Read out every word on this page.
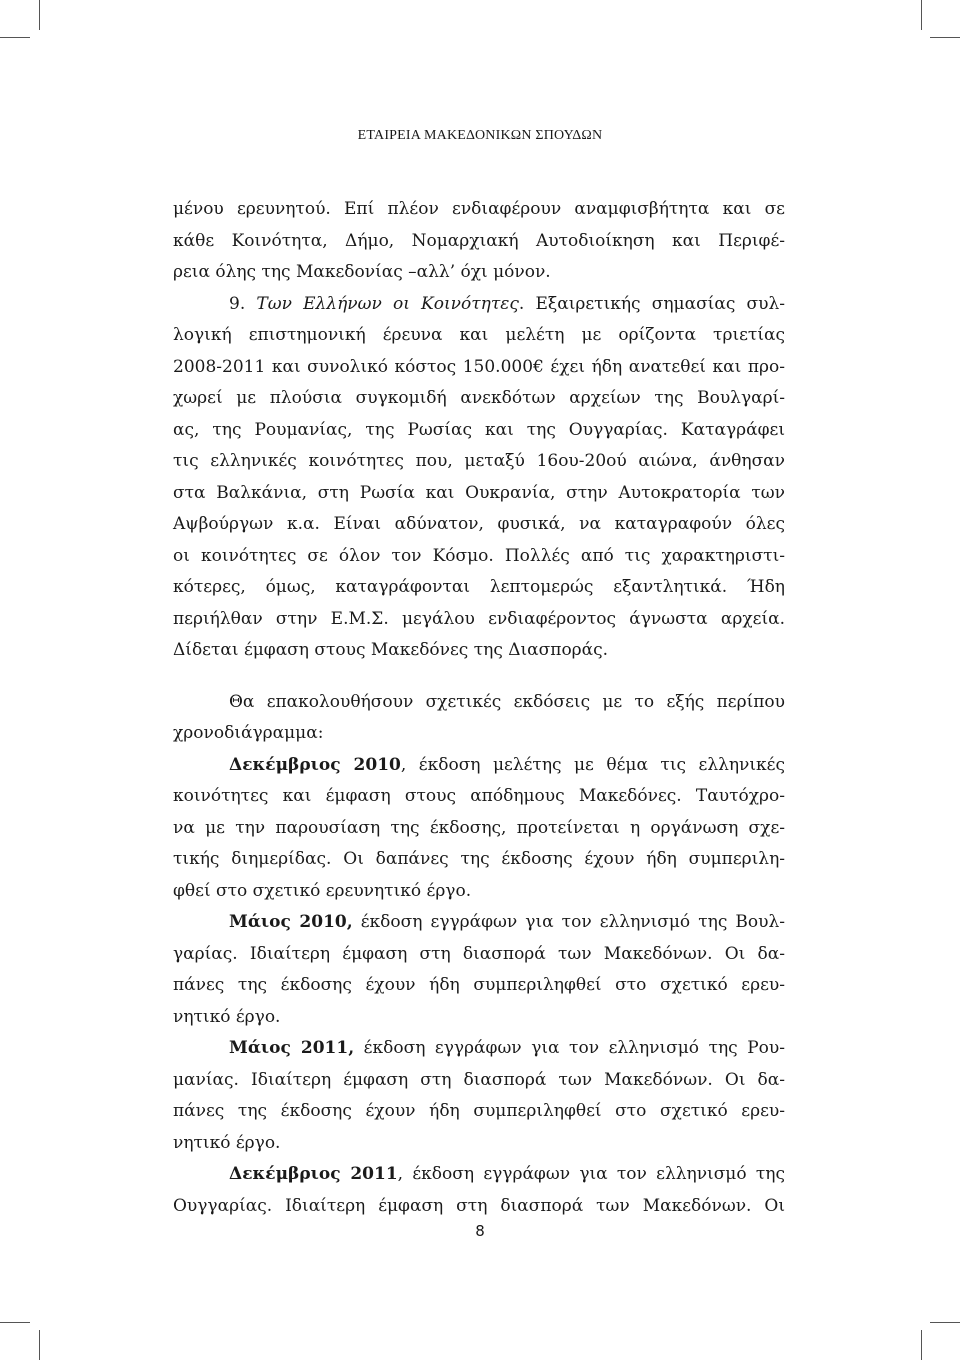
ΕΤΑΙΡΕΙΑ ΜΑΚΕΔΟΝΙΚΩΝ ΣΠΟΥΔΩΝ
μένου ερευνητού. Επί πλέον ενδιαφέρουν αναμφισβήτητα και σε
κάθε Κοινότητα, Δήμο, Νομαρχιακή Αυτοδιοίκηση και Περιφέ-
ρεια όλης της Μακεδονίας –αλλ’ όχι μόνον.
9. Των Ελλήνων οι Κοινότητες. Εξαιρετικής σημασίας συλ-
λογική επιστημονική έρευνα και μελέτη με ορίζοντα τριετίας
2008-2011 και συνολικό κόστος 150.000€ έχει ήδη ανατεθεί και προ-
χωρεί με πλούσια συγκομιδή ανεκδότων αρχείων της Βουλγαρί-
ας, της Ρουμανίας, της Ρωσίας και της Ουγγαρίας. Καταγράφει
τις ελληνικές κοινότητες που, μεταξύ 16ου-20ού αιώνα, άνθησαν
στα Βαλκάνια, στη Ρωσία και Ουκρανία, στην Αυτοκρατορία των
Αψβούργων κ.α. Είναι αδύνατον, φυσικά, να καταγραφούν όλες
οι κοινότητες σε όλον τον Κόσμο. Πολλές από τις χαρακτηριστι-
κότερες, όμως, καταγράφονται λεπτομερώς εξαντλητικά. Ήδη
περιήλθαν στην Ε.Μ.Σ. μεγάλου ενδιαφέροντος άγνωστα αρχεία.
Δίδεται έμφαση στους Μακεδόνες της Διασποράς.
Θα επακολουθήσουν σχετικές εκδόσεις με το εξής περίπου
χρονοδιάγραμμα:
Δεκέμβριος 2010, έκδοση μελέτης με θέμα τις ελληνικές
κοινότητες και έμφαση στους απόδημους Μακεδόνες. Ταυτόχρο-
να με την παρουσίαση της έκδοσης, προτείνεται η οργάνωση σχε-
τικής διημερίδας. Οι δαπάνες της έκδοσης έχουν ήδη συμπεριλη-
φθεί στο σχετικό ερευνητικό έργο.
Μάιος 2010, έκδοση εγγράφων για τον ελληνισμό της Βουλ-
γαρίας. Ιδιαίτερη έμφαση στη διασπορά των Μακεδόνων. Οι δα-
πάνες της έκδοσης έχουν ήδη συμπεριληφθεί στο σχετικό ερευ-
νητικό έργο.
Μάιος 2011, έκδοση εγγράφων για τον ελληνισμό της Ρου-
μανίας. Ιδιαίτερη έμφαση στη διασπορά των Μακεδόνων. Οι δα-
πάνες της έκδοσης έχουν ήδη συμπεριληφθεί στο σχετικό ερευ-
νητικό έργο.
Δεκέμβριος 2011, έκδοση εγγράφων για τον ελληνισμό της
Ουγγαρίας. Ιδιαίτερη έμφαση στη διασπορά των Μακεδόνων. Οι
8
